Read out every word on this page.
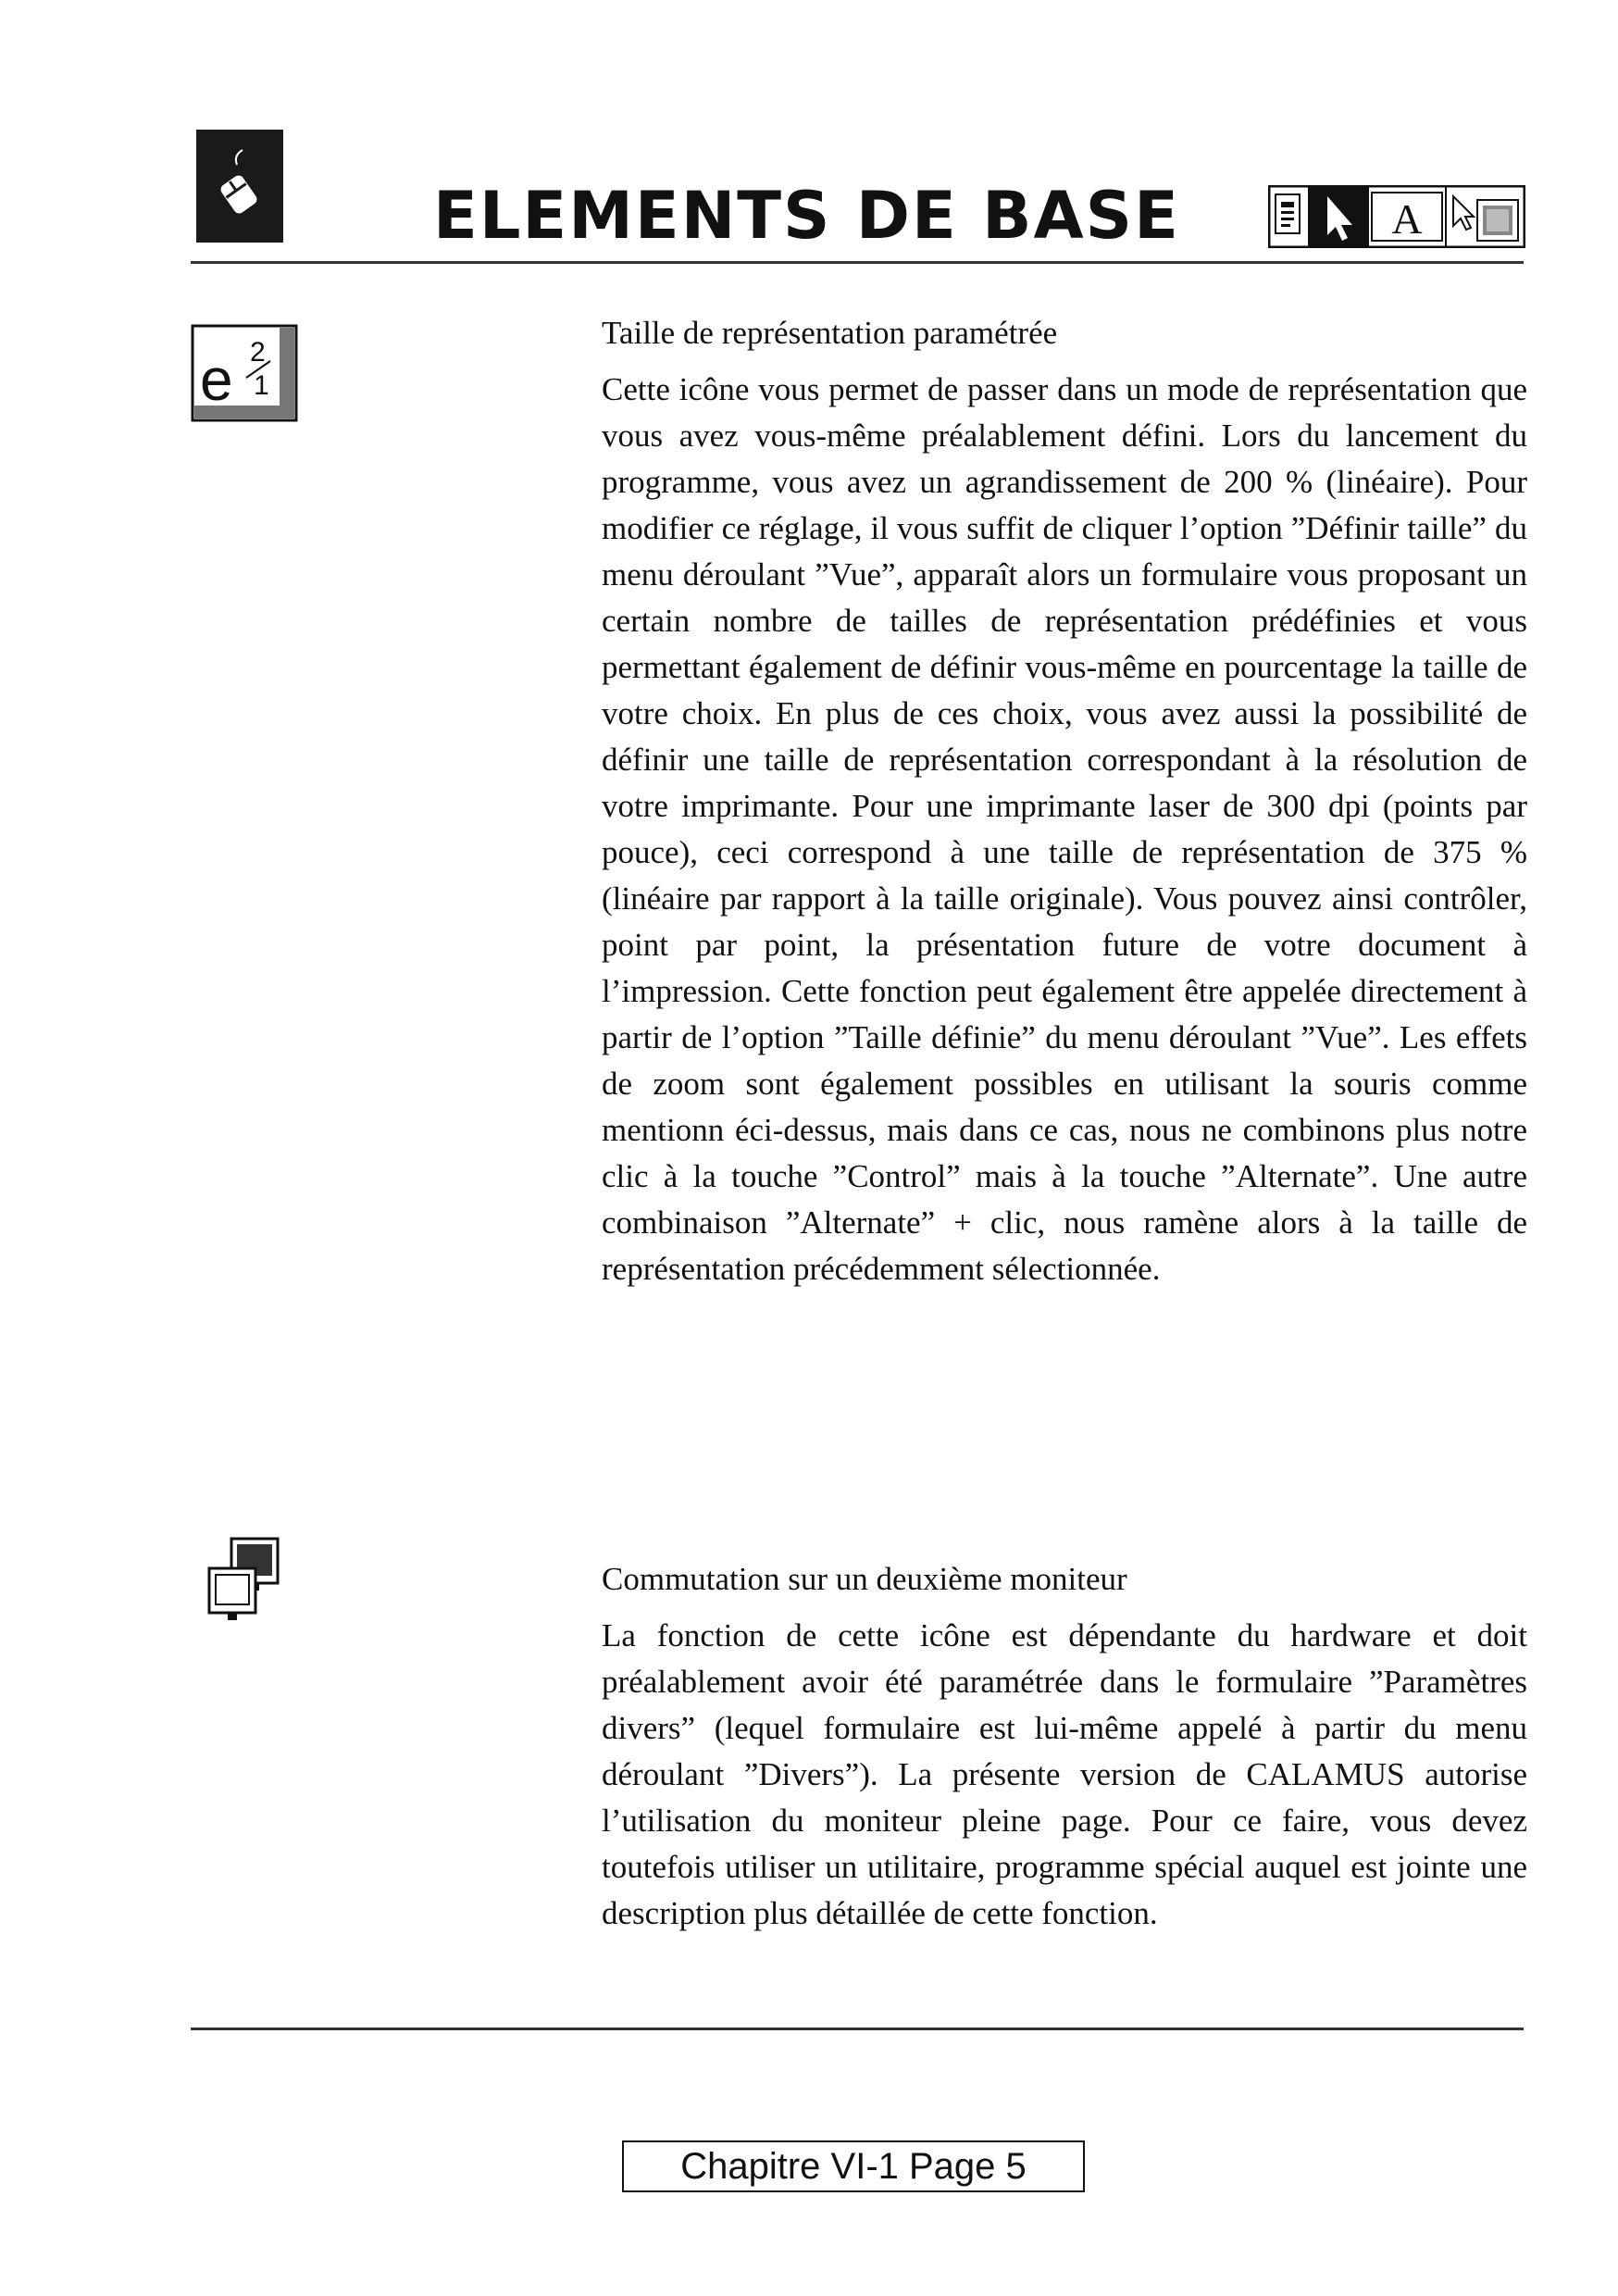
ELEMENTS DE BASE	A
e 2
1
Taille de représentation paramétrée

Cette icône vous permet de passer dans un mode de représentation que vous avez vous-même préalablement défini. Lors du lancement du programme, vous avez un agrandissement de 200 % (linéaire). Pour modifier ce réglage, il vous suffit de cliquer l’option ”Définir taille” du menu déroulant ”Vue”, apparaît alors un formulaire vous proposant un certain nombre de tailles de représentation prédéfinies et vous permettant également de définir vous-même en pourcentage la taille de votre choix. En plus de ces choix, vous avez aussi la possibilité de définir une taille de représentation correspondant à la résolution de votre imprimante. Pour une imprimante laser de 300 dpi (points par pouce), ceci correspond à une taille de représentation de 375 % (linéaire par rapport à la taille originale). Vous pouvez ainsi contrôler, point par point, la présentation future de votre document à l’impression. Cette fonction peut également être appelée directement à partir de l’option ”Taille définie” du menu déroulant ”Vue”. Les effets de zoom sont également possibles en utilisant la souris comme mentionn éci-dessus, mais dans ce cas, nous ne combinons plus notre clic à la touche ”Control” mais à la touche ”Alternate”. Une autre combinaison ”Alternate” + clic, nous ramène alors à la taille de représentation précédemment sélectionnée.

Commutation sur un deuxième moniteur

La fonction de cette icône est dépendante du hardware et doit préalablement avoir été paramétrée dans le formulaire ”Paramètres divers” (lequel formulaire est lui-même appelé à partir du menu déroulant ”Divers”). La présente version de CALAMUS autorise l’utilisation du moniteur pleine page. Pour ce faire, vous devez toutefois utiliser un utilitaire, programme spécial auquel est jointe une description plus détaillée de cette fonction.

Chapitre VI-1 Page 5
